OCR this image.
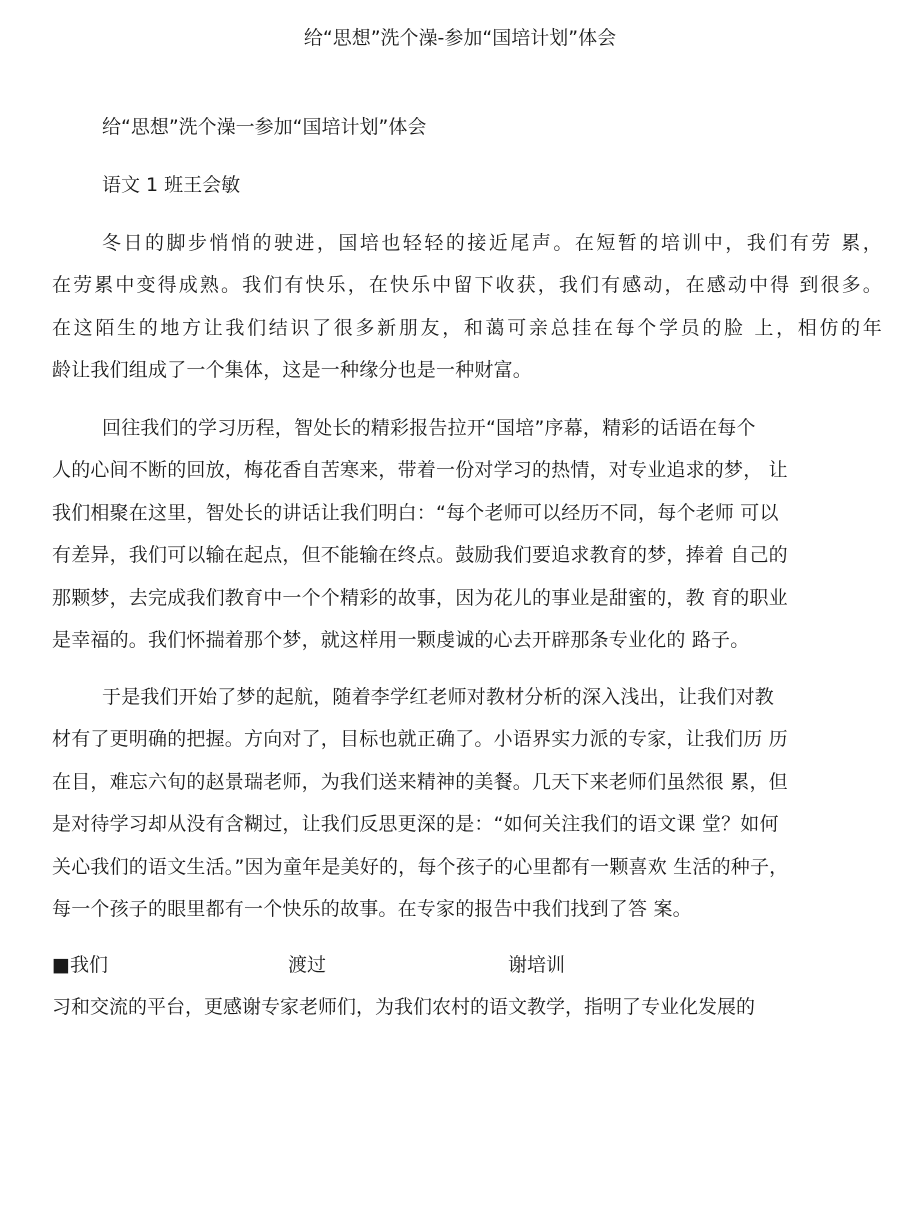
给“思想”洗个澡-参加“国培计划”体会
给“思想”洗个澡一参加“国培计划”体会
语文 1 班王会敏
冬日的脚步悄悄的驶进，国培也轻轻的接近尾声。在短暂的培训中，我们有劳 累，
在劳累中变得成熟。我们有快乐，在快乐中留下收获，我们有感动，在感动中得 到很多。
在这陌生的地方让我们结识了很多新朋友，和蔼可亲总挂在每个学员的脸 上，相仿的年
龄让我们组成了一个集体，这是一种缘分也是一种财富。
回往我们的学习历程，智处长的精彩报告拉开“国培”序幕，精彩的话语在每个
人的心间不断的回放，梅花香自苦寒来，带着一份对学习的热情，对专业追求的梦， 让
我们相聚在这里，智处长的讲话让我们明白：“每个老师可以经历不同，每个老师 可以
有差异，我们可以输在起点，但不能输在终点。鼓励我们要追求教育的梦，捧着 自己的
那颗梦，去完成我们教育中一个个精彩的故事，因为花儿的事业是甜蜜的，教 育的职业
是幸福的。我们怀揣着那个梦，就这样用一颗虔诚的心去开辟那条专业化的 路子。
于是我们开始了梦的起航，随着李学红老师对教材分析的深入浅出，让我们对教
材有了更明确的把握。方向对了，目标也就正确了。小语界实力派的专家，让我们历 历
在目，难忘六旬的赵景瑞老师，为我们送来精神的美餐。几天下来老师们虽然很 累，但
是对待学习却从没有含糊过，让我们反思更深的是：“如何关注我们的语文课 堂？如何
关心我们的语文生活。”因为童年是美好的，每个孩子的心里都有一颗喜欢 生活的种子，
每一个孩子的眼里都有一个快乐的故事。在专家的报告中我们找到了答 案。
■我们	渡过	谢培训
习和交流的平台，更感谢专家老师们，为我们农村的语文教学，指明了专业化发展的
